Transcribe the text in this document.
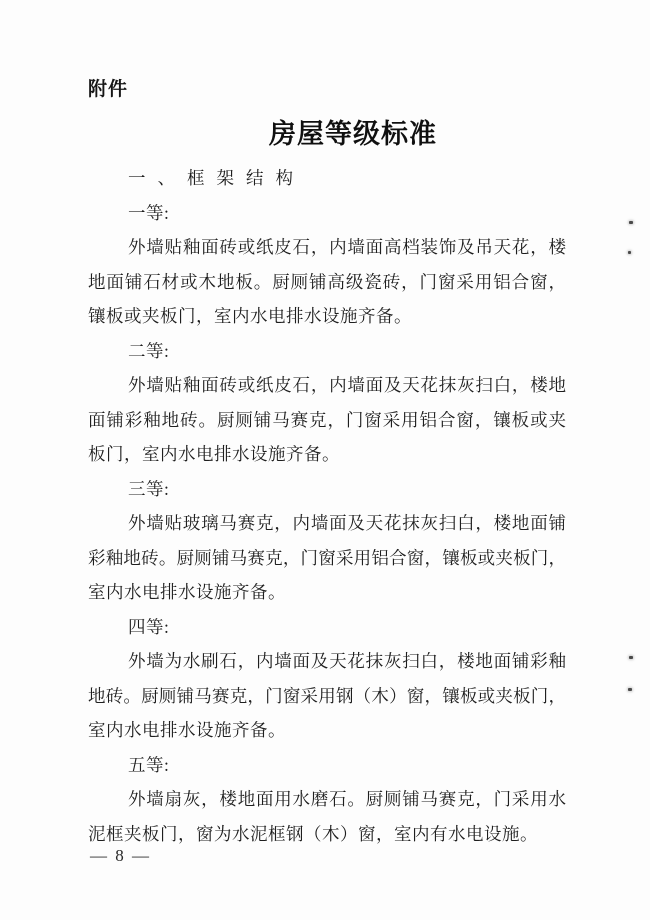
附件
房屋等级标准
一、框架结构
一等:
外墙贴釉面砖或纸皮石，内墙面高档装饰及吊天花，楼
地面铺石材或木地板。厨厕铺高级瓷砖，门窗采用铝合窗，
镶板或夹板门，室内水电排水设施齐备。
二等:
外墙贴釉面砖或纸皮石，内墙面及天花抹灰扫白，楼地
面铺彩釉地砖。厨厕铺马赛克，门窗采用铝合窗，镶板或夹
板门，室内水电排水设施齐备。
三等:
外墙贴玻璃马赛克，内墙面及天花抹灰扫白，楼地面铺
彩釉地砖。厨厕铺马赛克，门窗采用铝合窗，镶板或夹板门，
室内水电排水设施齐备。
四等:
外墙为水刷石，内墙面及天花抹灰扫白，楼地面铺彩釉
地砖。厨厕铺马赛克，门窗采用钢（木）窗，镶板或夹板门，
室内水电排水设施齐备。
五等:
外墙扇灰，楼地面用水磨石。厨厕铺马赛克，门采用水
泥框夹板门，窗为水泥框钢（木）窗，室内有水电设施。
— 8 —
